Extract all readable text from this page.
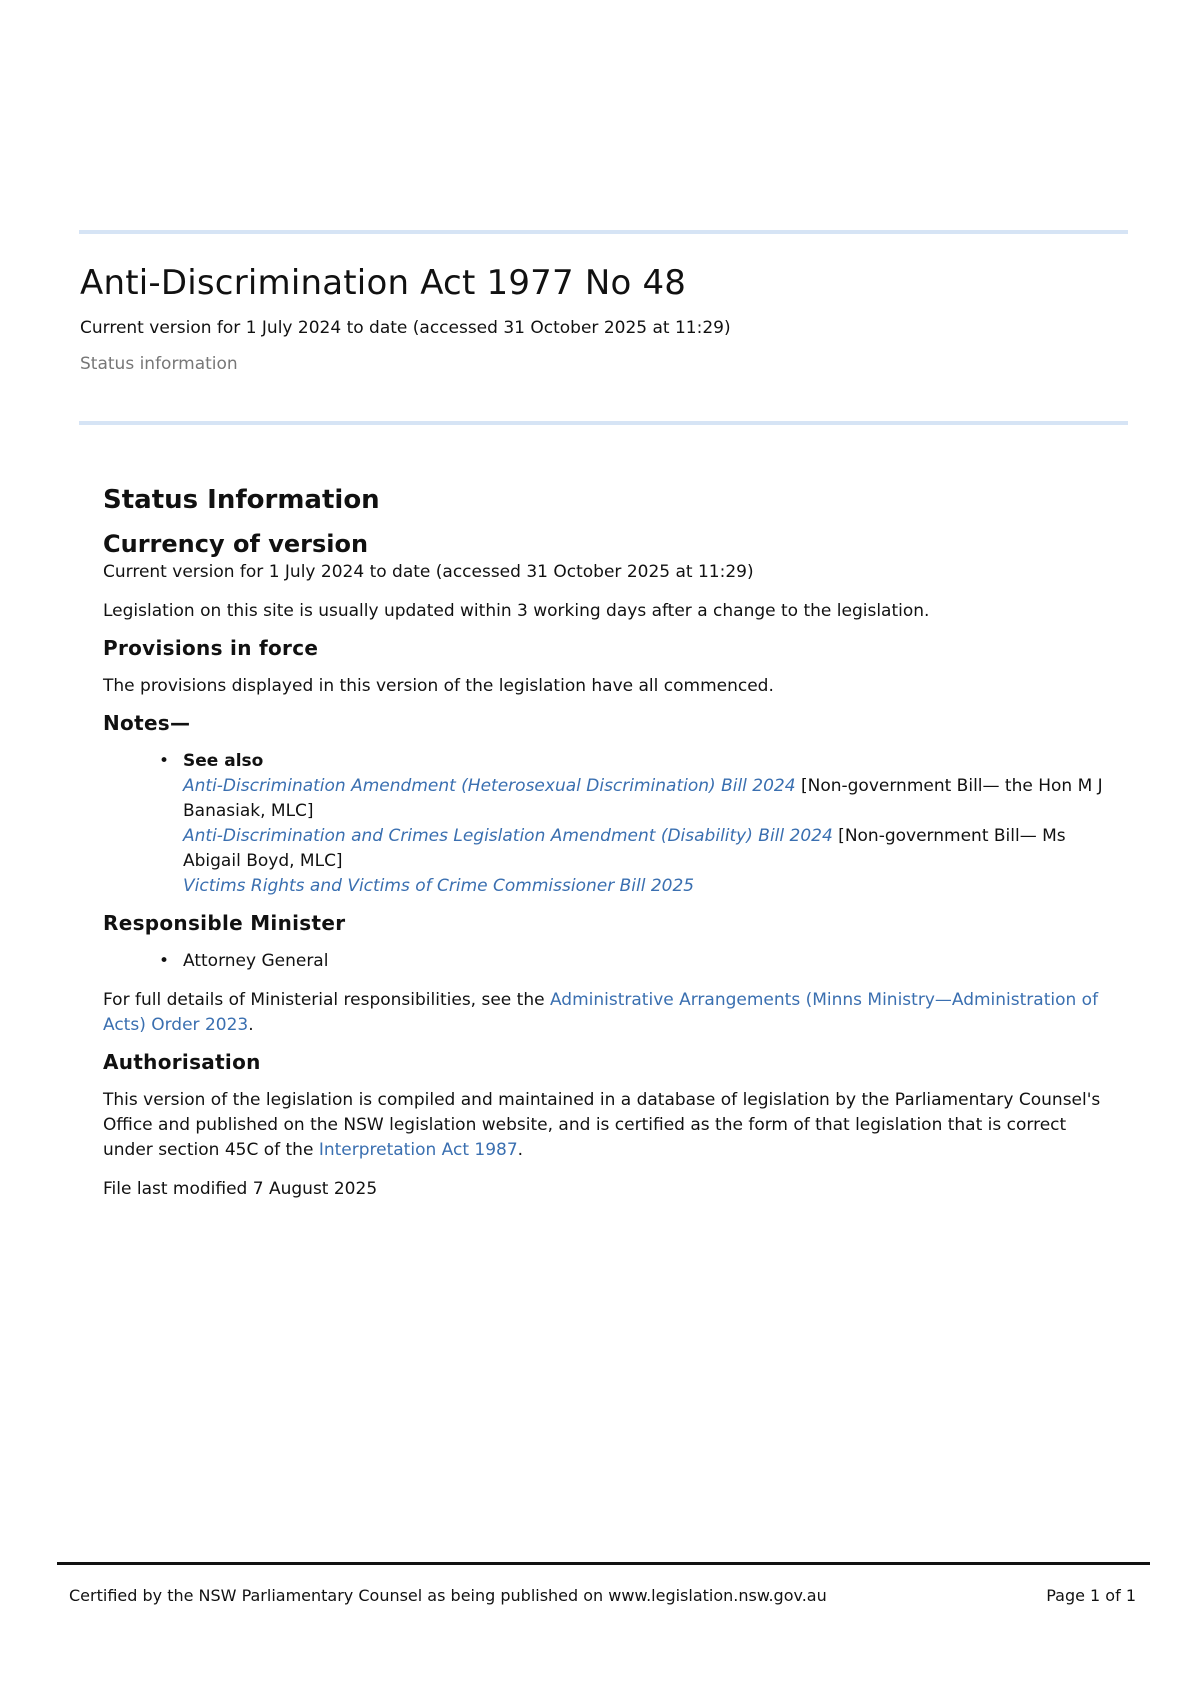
Anti-Discrimination Act 1977 No 48

Current version for 1 July 2024 to date (accessed 31 October 2025 at 11:29)

Status information

Status Information
Currency of version

Current version for 1 July 2024 to date (accessed 31 October 2025 at 11:29)

Legislation on this site is usually updated within 3 working days after a change to the legislation.

Provisions in force

The provisions displayed in this version of the legislation have all commenced.

Notes—
• See also
Anti-Discrimination Amendment (Heterosexual Discrimination) Bill 2024 [Non-government Bill— the Hon M J Banasiak, MLC]
Anti-Discrimination and Crimes Legislation Amendment (Disability) Bill 2024 [Non-government Bill— Ms Abigail Boyd, MLC]
Victims Rights and Victims of Crime Commissioner Bill 2025
Responsible Minister
• Attorney General

For full details of Ministerial responsibilities, see the Administrative Arrangements (Minns Ministry—Administration of Acts) Order 2023.

Authorisation

This version of the legislation is compiled and maintained in a database of legislation by the Parliamentary Counsel's Office and published on the NSW legislation website, and is certified as the form of that legislation that is correct under section 45C of the Interpretation Act 1987.

File last modified 7 August 2025

Certified by the NSW Parliamentary Counsel as being published on www.legislation.nsw.gov.au	Page 1 of 1
